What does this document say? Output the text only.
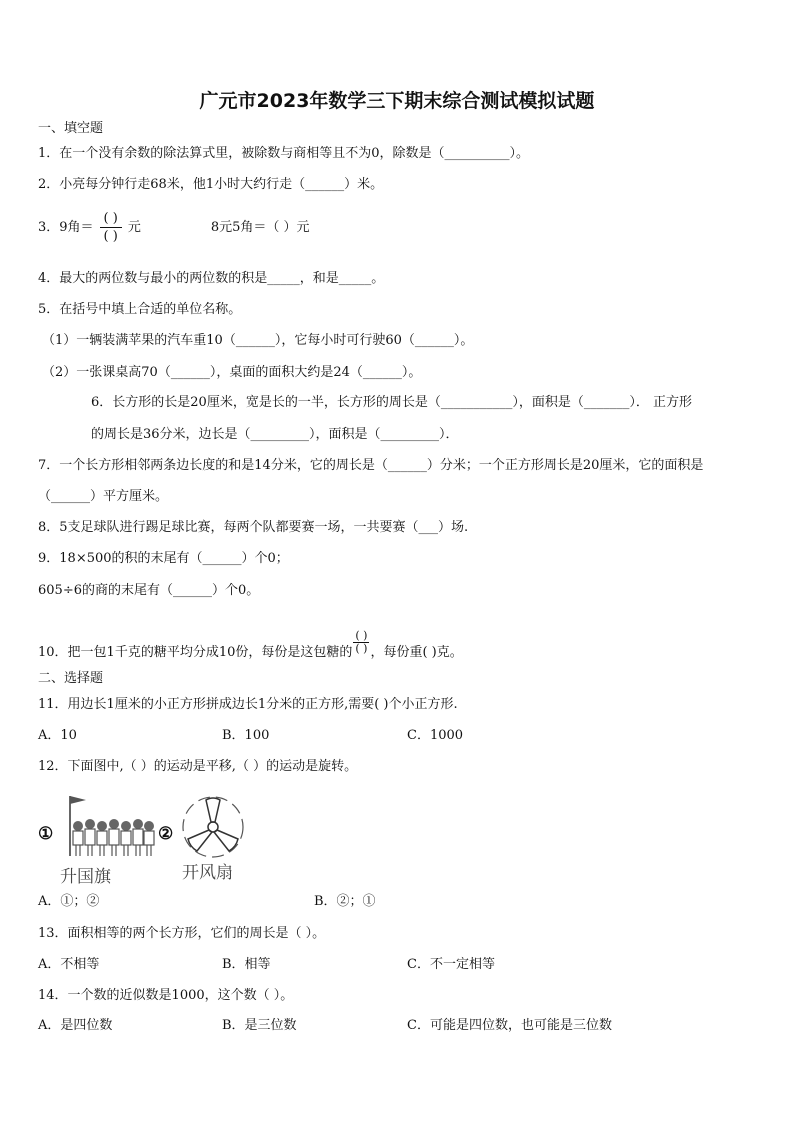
广元市2023年数学三下期末综合测试模拟试题
一、填空题
1．在一个没有余数的除法算式里，被除数与商相等且不为0，除数是（__________）。
2．小亮每分钟行走68米，他1小时大约行走（______）米。
3．9角＝ $\frac{( )}{( )}$ 元	8元5角＝（ ）元
4．最大的两位数与最小的两位数的积是_____，和是_____。
5．在括号中填上合适的单位名称。
（1）一辆装满苹果的汽车重10（______），它每小时可行驶60（______）。
（2）一张课桌高70（______），桌面的面积大约是24（______）。
6．长方形的长是20厘米，宽是长的一半，长方形的周长是（___________），面积是（_______）． 正方形
的周长是36分米，边长是（_________），面积是（_________）．
7．一个长方形相邻两条边长度的和是14分米，它的周长是（______）分米；一个正方形周长是20厘米，它的面积是
（______）平方厘米。
8．5支足球队进行踢足球比赛，每两个队都要赛一场，一共要赛（___）场.
9．18×500的积的末尾有（______）个0；
605÷6的商的末尾有（______）个0。
10．把一包1千克的糖平均分成10份，每份是这包糖的 $\frac{( )}{( )}$ ，每份重( )克。
二、选择题
11．用边长1厘米的小正方形拼成边长1分米的正方形,需要( )个小正方形.
A．10	B．100	C．1000
12．下面图中,（ ）的运动是平移,（ ）的运动是旋转。
①
升国旗
②
开风扇
A．①；②	B．②；①
13．面积相等的两个长方形，它们的周长是（ ）。
A．不相等	B．相等	C．不一定相等
14．一个数的近似数是1000，这个数（ ）。
A．是四位数	B．是三位数	C．可能是四位数，也可能是三位数
